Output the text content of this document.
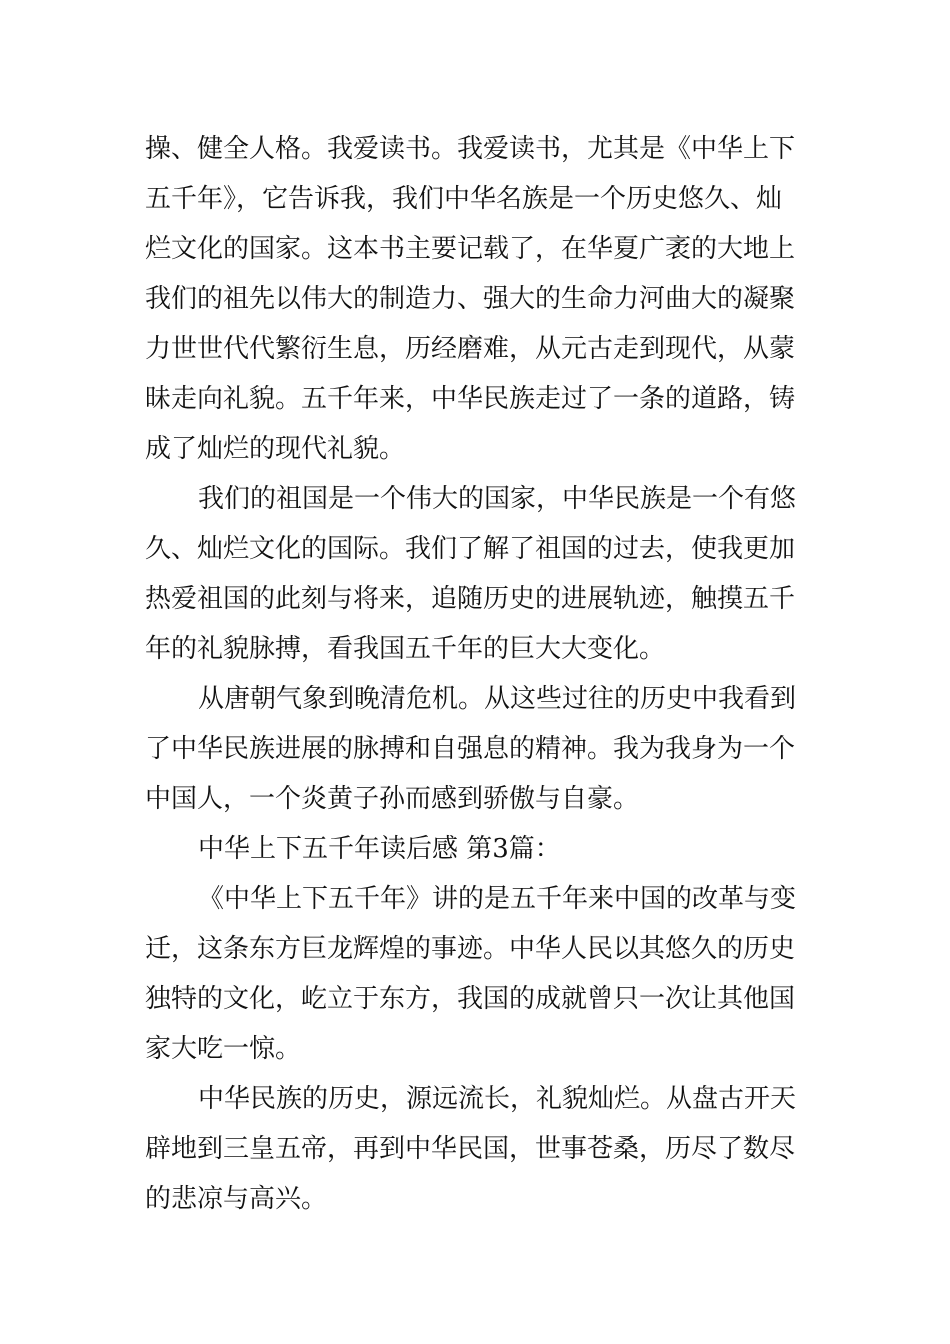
操、健全人格。我爱读书。我爱读书，尤其是《中华上下
五千年》，它告诉我，我们中华名族是一个历史悠久、灿
烂文化的国家。这本书主要记载了，在华夏广袤的大地上
我们的祖先以伟大的制造力、强大的生命力河曲大的凝聚
力世世代代繁衍生息，历经磨难，从元古走到现代，从蒙
昧走向礼貌。五千年来，中华民族走过了一条的道路，铸
成了灿烂的现代礼貌。
我们的祖国是一个伟大的国家，中华民族是一个有悠
久、灿烂文化的国际。我们了解了祖国的过去，使我更加
热爱祖国的此刻与将来，追随历史的进展轨迹，触摸五千
年的礼貌脉搏，看我国五千年的巨大大变化。
从唐朝气象到晚清危机。从这些过往的历史中我看到
了中华民族进展的脉搏和自强息的精神。我为我身为一个
中国人，一个炎黄子孙而感到骄傲与自豪。
中华上下五千年读后感 第3篇：
《中华上下五千年》讲的是五千年来中国的改革与变
迁，这条东方巨龙辉煌的事迹。中华人民以其悠久的历史
独特的文化，屹立于东方，我国的成就曾只一次让其他国
家大吃一惊。
中华民族的历史，源远流长，礼貌灿烂。从盘古开天
辟地到三皇五帝，再到中华民国，世事苍桑，历尽了数尽
的悲凉与高兴。
